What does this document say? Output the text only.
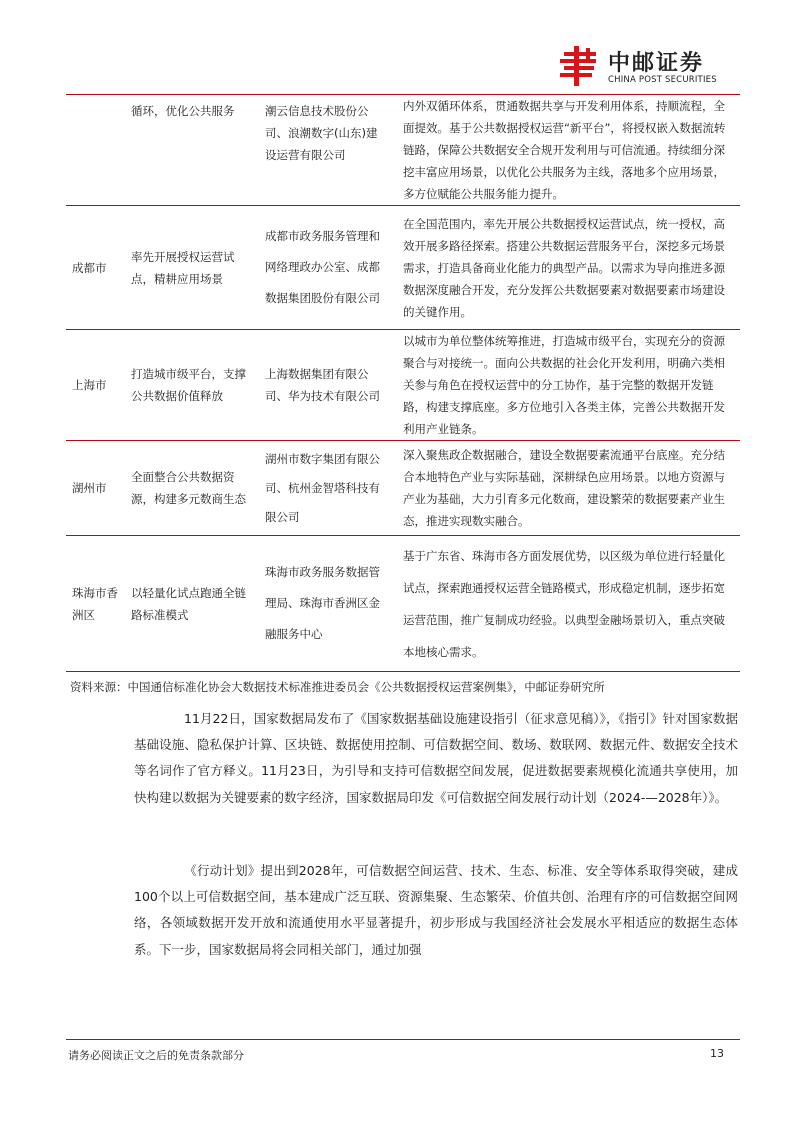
中邮证券
CHINA POST SECURITIES
	循环，优化公共服务	潮云信息技术股份公司、浪潮数字(山东)建设运营有限公司	内外双循环体系，贯通数据共享与开发利用体系，持顺流程，全面提效。基于公共数据授权运营“新平台”，将授权嵌入数据流转链路，保障公共数据安全合规开发利用与可信流通。持续细分深挖丰富应用场景，以优化公共服务为主线，落地多个应用场景，多方位赋能公共服务能力提升。
成都市	率先开展授权运营试点，精耕应用场景	成都市政务服务管理和网络理政办公室、成都数据集团股份有限公司	在全国范围内，率先开展公共数据授权运营试点，统一授权，高效开展多路径探索。搭建公共数据运营服务平台，深挖多元场景需求，打造具备商业化能力的典型产品。以需求为导向推进多源数据深度融合开发，充分发挥公共数据要素对数据要素市场建设的关键作用。
上海市	打造城市级平台，支撑公共数据价值释放	上海数据集团有限公司、华为技术有限公司	以城市为单位整体统筹推进，打造城市级平台，实现充分的资源聚合与对接统一。面向公共数据的社会化开发利用，明确六类相关参与角色在授权运营中的分工协作，基于完整的数据开发链路，构建支撑底座。多方位地引入各类主体，完善公共数据开发利用产业链条。
湖州市	全面整合公共数据资源，构建多元数商生态	湖州市数字集团有限公司、杭州金智塔科技有限公司	深入聚焦政企数据融合，建设全数据要素流通平台底座。充分结合本地特色产业与实际基础，深耕绿色应用场景。以地方资源与产业为基础，大力引育多元化数商，建设繁荣的数据要素产业生态，推进实现数实融合。
珠海市香洲区	以轻量化试点跑通全链路标准模式	珠海市政务服务数据管理局、珠海市香洲区金融服务中心	基于广东省、珠海市各方面发展优势，以区级为单位进行轻量化试点，探索跑通授权运营全链路模式，形成稳定机制，逐步拓宽运营范围，推广复制成功经验。以典型金融场景切入，重点突破本地核心需求。
资料来源：中国通信标准化协会大数据技术标准推进委员会《公共数据授权运营案例集》，中邮证券研究所
11月22日，国家数据局发布了《国家数据基础设施建设指引（征求意见稿）》，《指引》针对国家数据基础设施、隐私保护计算、区块链、数据使用控制、可信数据空间、数场、数联网、数据元件、数据安全技术等名词作了官方释义。11月23日，为引导和支持可信数据空间发展，促进数据要素规模化流通共享使用，加快构建以数据为关键要素的数字经济，国家数据局印发《可信数据空间发展行动计划（2024-—2028年）》。
《行动计划》提出到2028年，可信数据空间运营、技术、生态、标准、安全等体系取得突破，建成100个以上可信数据空间，基本建成广泛互联、资源集聚、生态繁荣、价值共创、治理有序的可信数据空间网络，各领域数据开发开放和流通使用水平显著提升，初步形成与我国经济社会发展水平相适应的数据生态体系。下一步，国家数据局将会同相关部门，通过加强
请务必阅读正文之后的免责条款部分	13
